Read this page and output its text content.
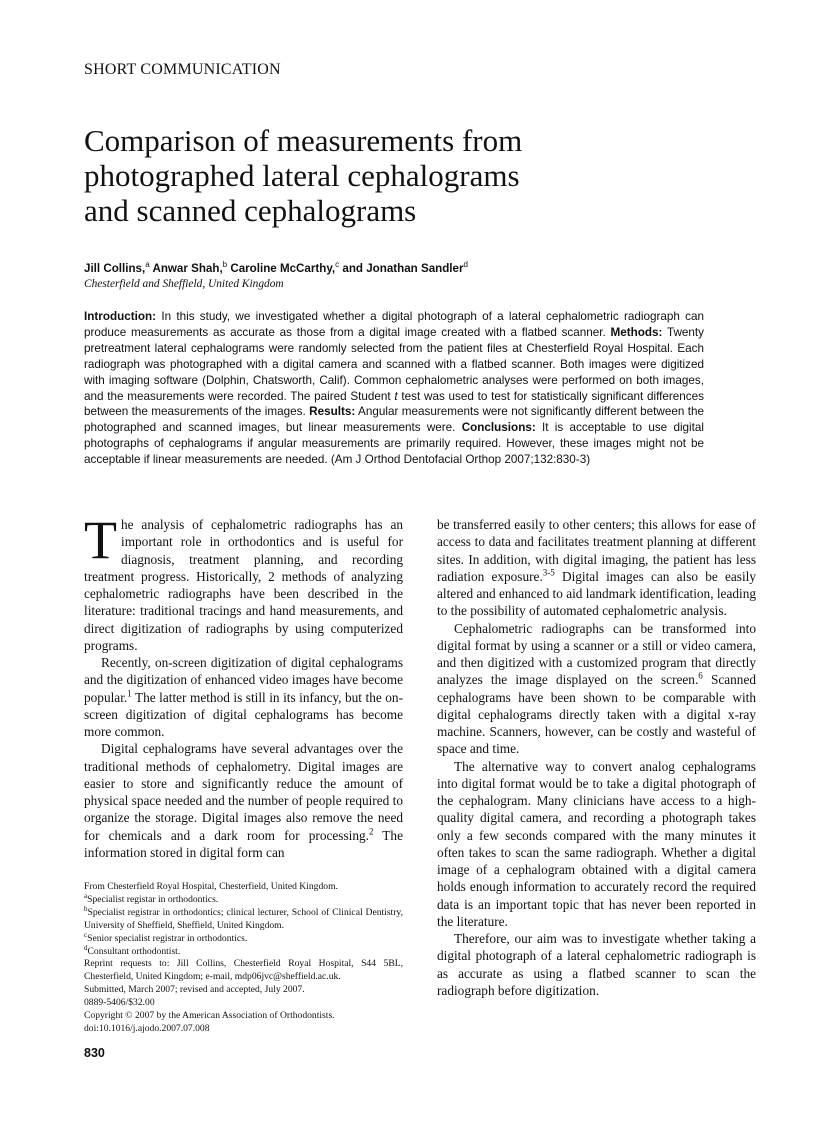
SHORT COMMUNICATION
Comparison of measurements from
photographed lateral cephalograms
and scanned cephalograms
Jill Collins,$^a$ Anwar Shah,$^b$ Caroline McCarthy,$^c$ and Jonathan Sandler$^d$
Chesterfield and Sheffield, United Kingdom

Introduction: In this study, we investigated whether a digital photograph of a lateral cephalometric radiograph can produce measurements as accurate as those from a digital image created with a flatbed scanner. Methods: Twenty pretreatment lateral cephalograms were randomly selected from the patient files at Chesterfield Royal Hospital. Each radiograph was photographed with a digital camera and scanned with a flatbed scanner. Both images were digitized with imaging software (Dolphin, Chatsworth, Calif). Common cephalometric analyses were performed on both images, and the measurements were recorded. The paired Student t test was used to test for statistically significant differences between the measurements of the images. Results: Angular measurements were not significantly different between the photographed and scanned images, but linear measurements were. Conclusions: It is acceptable to use digital photographs of cephalograms if angular measurements are primarily required. However, these images might not be acceptable if linear measurements are needed. (Am J Orthod Dentofacial Orthop 2007;132:830-3)

The analysis of cephalometric radiographs has an important role in orthodontics and is useful for diagnosis, treatment planning, and recording treatment progress. Historically, 2 methods of analyzing cephalometric radiographs have been described in the literature: traditional tracings and hand measurements, and direct digitization of radiographs by using computerized programs.

Recently, on-screen digitization of digital cephalograms and the digitization of enhanced video images have become popular.$^1$ The latter method is still in its infancy, but the on-screen digitization of digital cephalograms has become more common.

Digital cephalograms have several advantages over the traditional methods of cephalometry. Digital images are easier to store and significantly reduce the amount of physical space needed and the number of people required to organize the storage. Digital images also remove the need for chemicals and a dark room for processing.$^2$ The information stored in digital form can

be transferred easily to other centers; this allows for ease of access to data and facilitates treatment planning at different sites. In addition, with digital imaging, the patient has less radiation exposure.$^{3-5}$ Digital images can also be easily altered and enhanced to aid landmark identification, leading to the possibility of automated cephalometric analysis.

Cephalometric radiographs can be transformed into digital format by using a scanner or a still or video camera, and then digitized with a customized program that directly analyzes the image displayed on the screen.$^6$ Scanned cephalograms have been shown to be comparable with digital cephalograms directly taken with a digital x-ray machine. Scanners, however, can be costly and wasteful of space and time.

The alternative way to convert analog cephalograms into digital format would be to take a digital photograph of the cephalogram. Many clinicians have access to a high-quality digital camera, and recording a photograph takes only a few seconds compared with the many minutes it often takes to scan the same radiograph. Whether a digital image of a cephalogram obtained with a digital camera holds enough information to accurately record the required data is an important topic that has never been reported in the literature.

Therefore, our aim was to investigate whether taking a digital photograph of a lateral cephalometric radiograph is as accurate as using a flatbed scanner to scan the radiograph before digitization.

From Chesterfield Royal Hospital, Chesterfield, United Kingdom.
$^a$Specialist registar in orthodontics.
$^b$Specialist registrar in orthodontics; clinical lecturer, School of Clinical Dentistry, University of Sheffield, Sheffield, United Kingdom.
$^c$Senior specialist registrar in orthodontics.
$^d$Consultant orthodontist.
Reprint requests to: Jill Collins, Chesterfield Royal Hospital, S44 5BL, Chesterfield, United Kingdom; e-mail, mdp06jvc@sheffield.ac.uk.
Submitted, March 2007; revised and accepted, July 2007.
0889-5406/$32.00
Copyright © 2007 by the American Association of Orthodontists.
doi:10.1016/j.ajodo.2007.07.008
830
